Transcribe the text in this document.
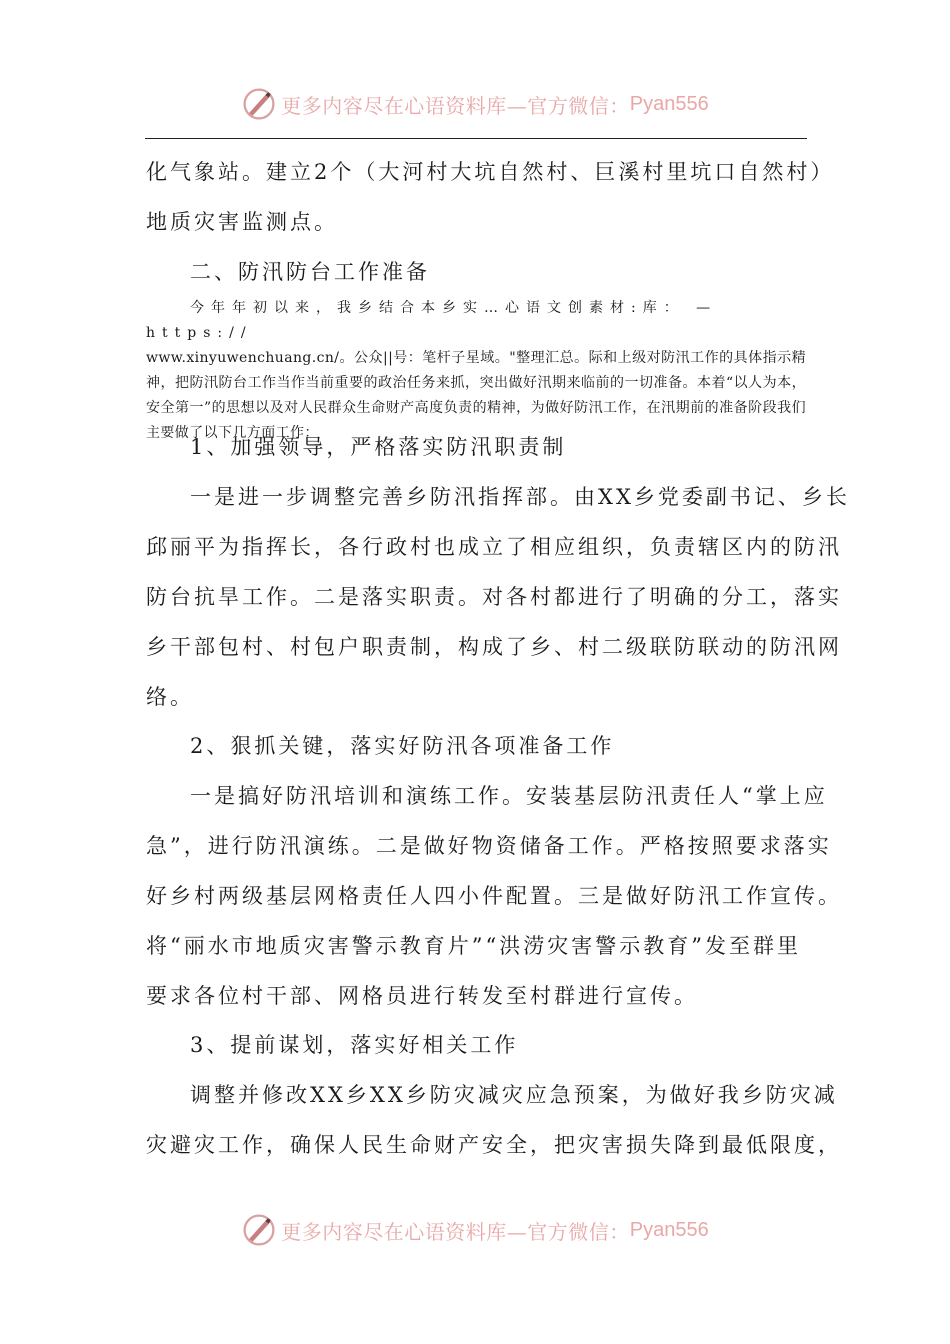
更多内容尽在心语资料库—官方微信： Pyan556
化气象站。建立2个（大河村大坑自然村、巨溪村里坑口自然村）
地质灾害监测点。
二、防汛防台工作准备
今年年初以来，我乡结合本乡实…心语文创素材:库： — https://
www.xinyuwenchuang.cn/。公众||号：笔杆子星域。"整理汇总。际和上级对防汛工作的具体指示精神，把防汛防台工作当作当前重要的政治任务来抓，突出做好汛期来临前的一切准备。本着“以人为本，安全第一”的思想以及对人民群众生命财产高度负责的精神，为做好防汛工作，在汛期前的准备阶段我们主要做了以下几方面工作：
1、加强领导，严格落实防汛职责制
一是进一步调整完善乡防汛指挥部。由XX乡党委副书记、乡长
邱丽平为指挥长，各行政村也成立了相应组织，负责辖区内的防汛
防台抗旱工作。二是落实职责。对各村都进行了明确的分工，落实
乡干部包村、村包户职责制，构成了乡、村二级联防联动的防汛网
络。
2、狠抓关键，落实好防汛各项准备工作
一是搞好防汛培训和演练工作。安装基层防汛责任人“掌上应
急”，进行防汛演练。二是做好物资储备工作。严格按照要求落实
好乡村两级基层网格责任人四小件配置。三是做好防汛工作宣传。
将“丽水市地质灾害警示教育片”“洪涝灾害警示教育”发至群里
要求各位村干部、网格员进行转发至村群进行宣传。
3、提前谋划，落实好相关工作
调整并修改XX乡XX乡防灾减灾应急预案，为做好我乡防灾减
灾避灾工作，确保人民生命财产安全，把灾害损失降到最低限度，
更多内容尽在心语资料库—官方微信： Pyan556
